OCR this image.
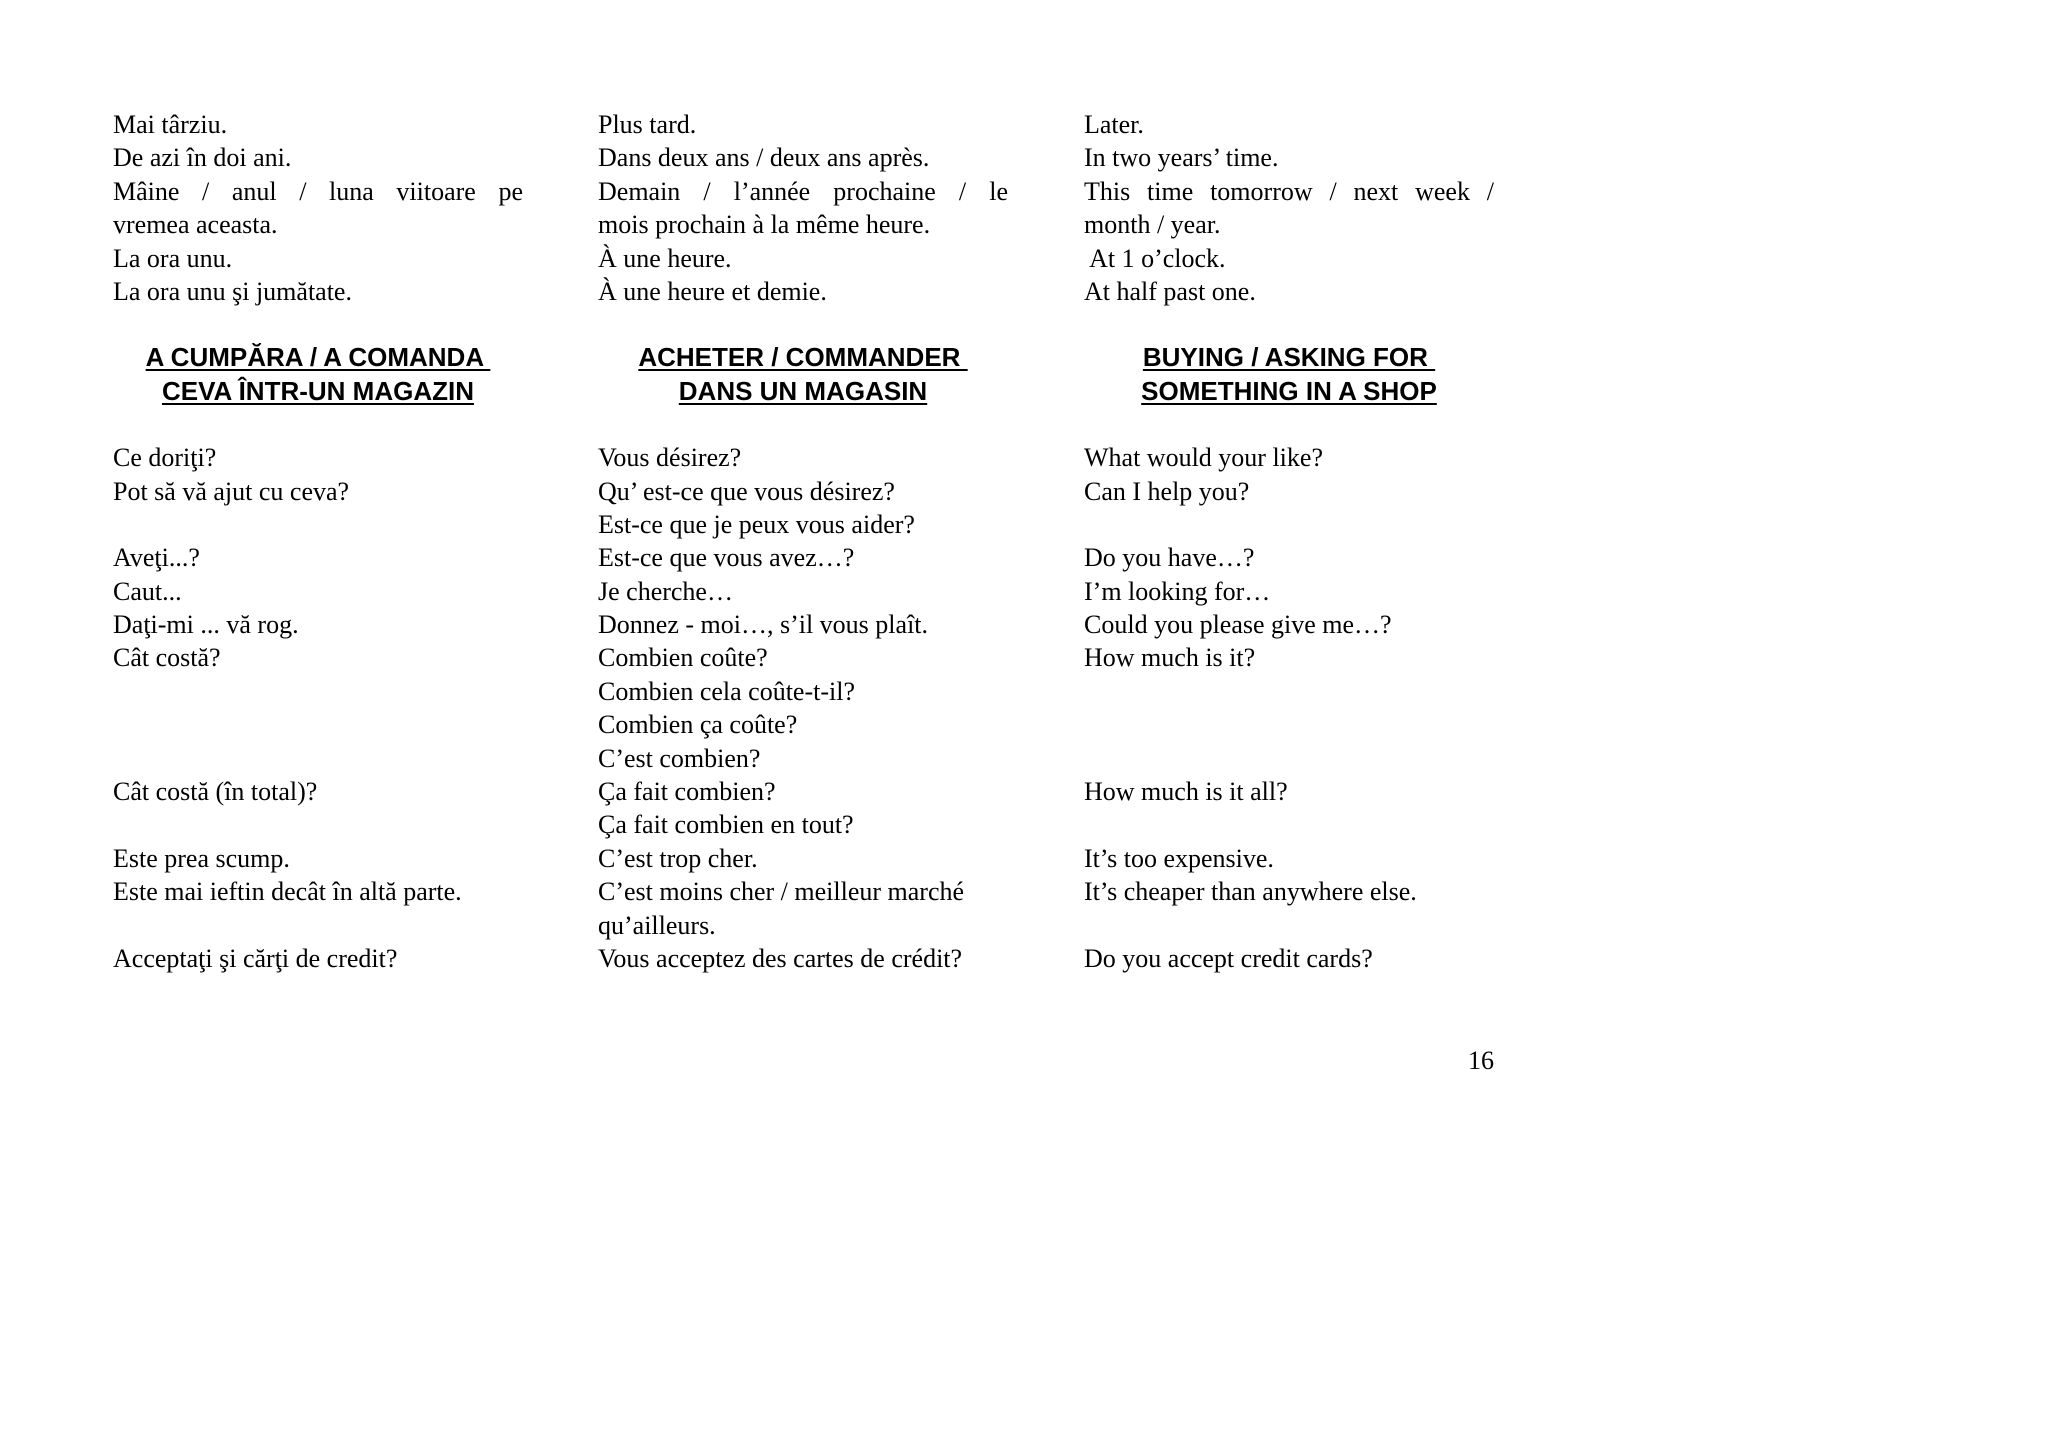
Mai târziu.
De azi în doi ani.
Mâine / anul / luna viitoare pe
vremea aceasta.
La ora unu.
La ora unu şi jumătate.
A CUMPĂRA / A COMANDA
CEVA ÎNTR-UN MAGAZIN
Ce doriţi?
Pot să vă ajut cu ceva?
Aveţi...?
Caut...
Daţi-mi ... vă rog.
Cât costă?
Cât costă (în total)?
Este prea scump.
Este mai ieftin decât în altă parte.
Acceptaţi şi cărţi de credit?
Plus tard.
Dans deux ans / deux ans après.
Demain / l’année prochaine / le
mois prochain à la même heure.
À une heure.
À une heure et demie.
ACHETER / COMMANDER
DANS UN MAGASIN
Vous désirez?
Qu’ est-ce que vous désirez?
Est-ce que je peux vous aider?
Est-ce que vous avez…?
Je cherche…
Donnez - moi…, s’il vous plaît.
Combien coûte?
Combien cela coûte-t-il?
Combien ça coûte?
C’est combien?
Ça fait combien?
Ça fait combien en tout?
C’est trop cher.
C’est moins cher / meilleur marché
qu’ailleurs.
Vous acceptez des cartes de crédit?
Later.
In two years’ time.
This time tomorrow / next week /
month / year.
At 1 o’clock.
At half past one.
BUYING / ASKING FOR
SOMETHING IN A SHOP
What would your like?
Can I help you?
Do you have…?
I’m looking for…
Could you please give me…?
How much is it?
How much is it all?
It’s too expensive.
It’s cheaper than anywhere else.
Do you accept credit cards?
16
